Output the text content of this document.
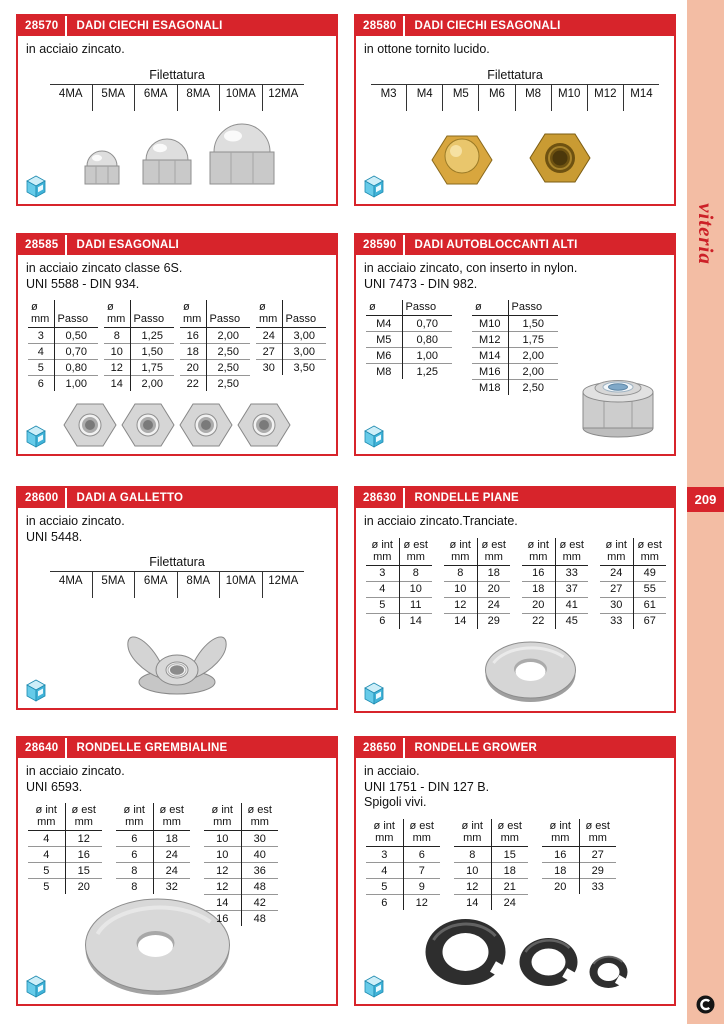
viteria
209
28570	DADI CIECHI ESAGONALI
in acciaio zincato.
Filettatura
4MA	5MA	6MA	8MA	10MA	12MA
28580	DADI CIECHI ESAGONALI
in ottone tornito lucido.
Filettatura
M3	M4	M5	M6	M8	M10	M12	M14
28585	DADI ESAGONALI
in acciaio zincato classe 6S.
UNI 5588 - DIN 934.
ø
mm	Passo

3	0,50
4	0,70
5	0,80
6	1,00
ø
mm	Passo

8	1,25
10	1,50
12	1,75
14	2,00
ø
mm	Passo

16	2,00
18	2,50
20	2,50
22	2,50
ø
mm	Passo

24	3,00
27	3,00
30	3,50
28590	DADI AUTOBLOCCANTI ALTI
in acciaio zincato, con inserto in nylon.
UNI 7473 - DIN 982.
ø	Passo

M4	0,70
M5	0,80
M6	1,00
M8	1,25
ø	Passo

M10	1,50
M12	1,75
M14	2,00
M16	2,00
M18	2,50
28600	DADI A GALLETTO
in acciaio zincato.
UNI 5448.
Filettatura
4MA	5MA	6MA	8MA	10MA	12MA
28630	RONDELLE PIANE
in acciaio zincato.Tranciate.
ø int
mm

ø est
mm

3	8
4	10
5	11
6	14
ø int
mm

ø est
mm

8	18
10	20
12	24
14	29
ø int
mm

ø est
mm

16	33
18	37
20	41
22	45
ø int
mm

ø est
mm

24	49
27	55
30	61
33	67
28640	RONDELLE GREMBIALINE
in acciaio zincato.
UNI 6593.
ø int
mm

ø est
mm

4	12
4	16
5	15
5	20
ø int
mm

ø est
mm

6	18
6	24
8	24
8	32
ø int
mm

ø est
mm

10	30
10	40
12	36
12	48
14	42
16	48
28650	RONDELLE GROWER
in acciaio.
UNI 1751 - DIN 127 B.
Spigoli vivi.
ø int
mm

ø est
mm

3	6
4	7
5	9
6	12
ø int
mm

ø est
mm

8	15
10	18
12	21
14	24
ø int
mm

ø est
mm

16	27
18	29
20	33
